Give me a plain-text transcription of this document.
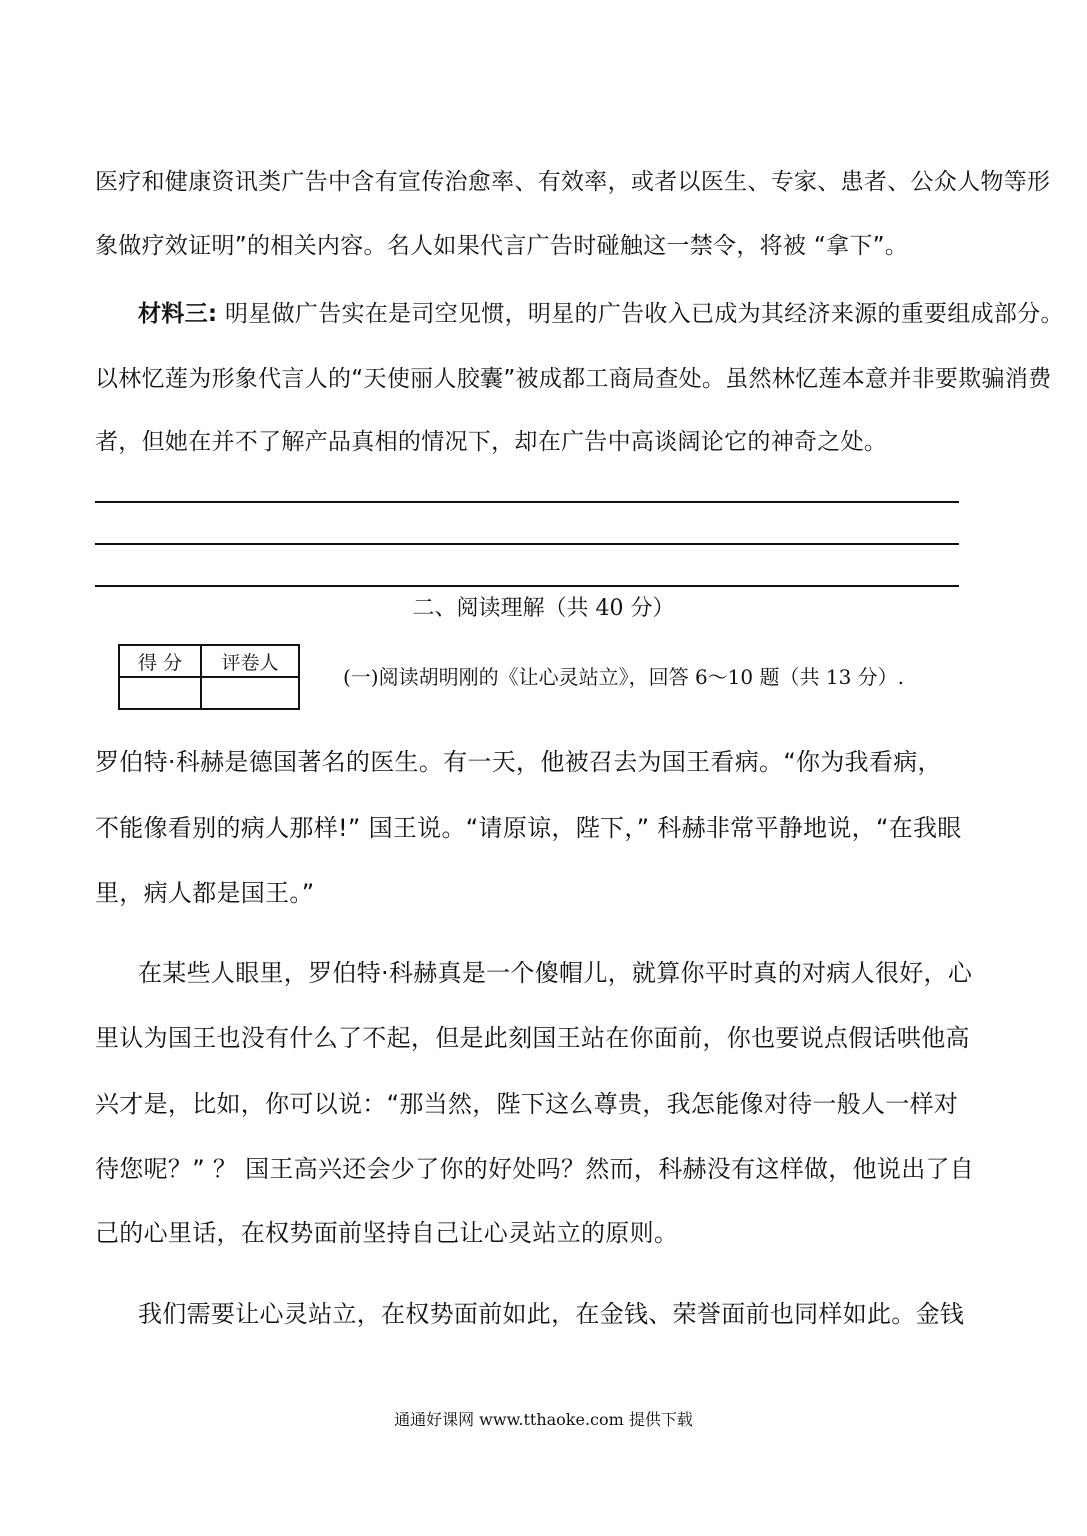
医疗和健康资讯类广告中含有宣传治愈率、有效率，或者以医生、专家、患者、公众人物等形
象做疗效证明”的相关内容。名人如果代言广告时碰触这一禁令，将被 “拿下”。
材料三: 明星做广告实在是司空见惯，明星的广告收入已成为其经济来源的重要组成部分。
以林忆莲为形象代言人的“天使丽人胶囊”被成都工商局查处。虽然林忆莲本意并非要欺骗消费
者，但她在并不了解产品真相的情况下，却在广告中高谈阔论它的神奇之处。
二、阅读理解（共 40 分）
得 分	评卷人

(一)阅读胡明刚的《让心灵站立》，回答 6～10 题（共 13 分）.
罗伯特·科赫是德国著名的医生。有一天，他被召去为国王看病。“你为我看病，
不能像看别的病人那样!” 国王说。“请原谅，陛下，” 科赫非常平静地说，“在我眼
里，病人都是国王。”
在某些人眼里，罗伯特·科赫真是一个傻帽儿，就算你平时真的对病人很好，心
里认为国王也没有什么了不起，但是此刻国王站在你面前，你也要说点假话哄他高
兴才是，比如，你可以说：“那当然，陛下这么尊贵，我怎能像对待一般人一样对
待您呢？” ？ 国王高兴还会少了你的好处吗？然而，科赫没有这样做，他说出了自
己的心里话，在权势面前坚持自己让心灵站立的原则。
我们需要让心灵站立，在权势面前如此，在金钱、荣誉面前也同样如此。金钱
通通好课网 www.tthaoke.com 提供下载
